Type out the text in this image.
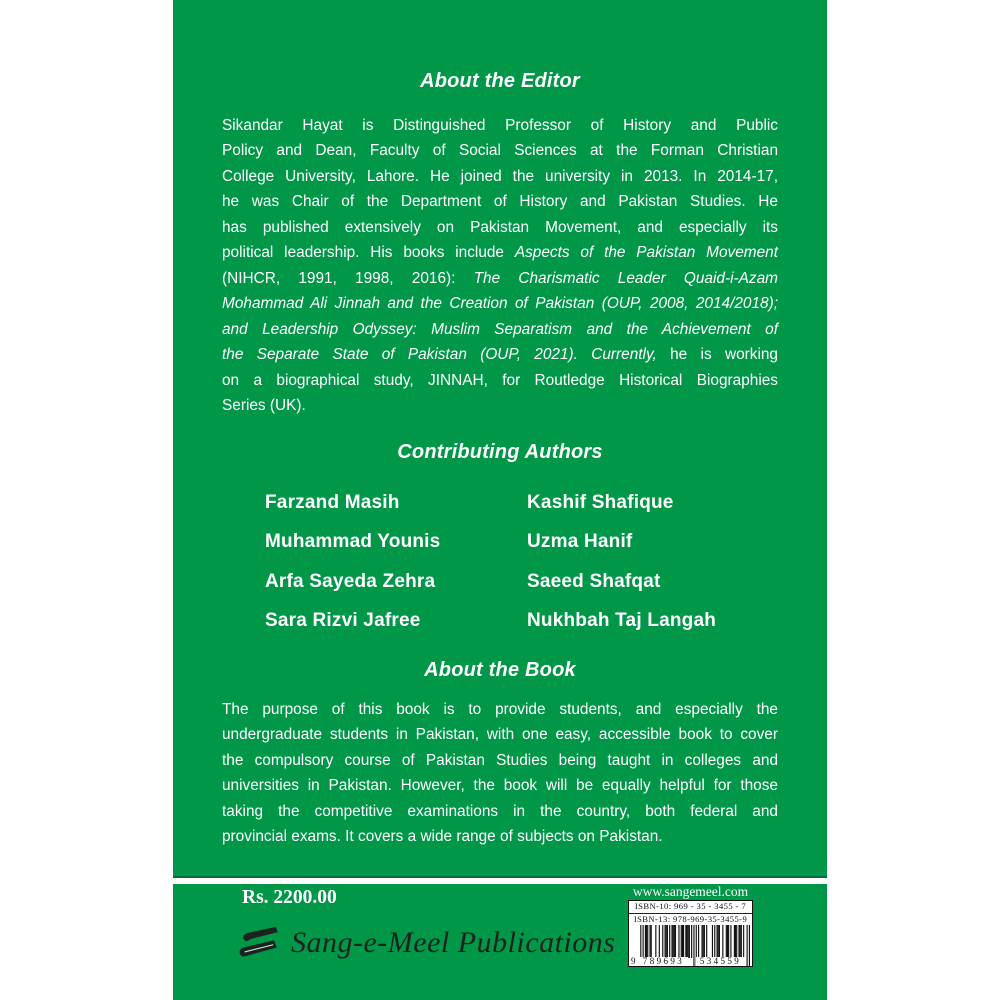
About the Editor
Sikandar Hayat is Distinguished Professor of History and Public
Policy and Dean, Faculty of Social Sciences at the Forman Christian
College University, Lahore. He joined the university in 2013. In 2014-17,
he was Chair of the Department of History and Pakistan Studies. He
has published extensively on Pakistan Movement, and especially its
political leadership. His books include Aspects of the Pakistan Movement
(NIHCR, 1991, 1998, 2016): The Charismatic Leader Quaid-i-Azam
Mohammad Ali Jinnah and the Creation of Pakistan (OUP, 2008, 2014/2018);
and Leadership Odyssey: Muslim Separatism and the Achievement of
the Separate State of Pakistan (OUP, 2021). Currently, he is working
on a biographical study, JINNAH, for Routledge Historical Biographies
Series (UK).
Contributing Authors
Farzand Masih
Muhammad Younis
Arfa Sayeda Zehra
Sara Rizvi Jafree
Kashif Shafique
Uzma Hanif
Saeed Shafqat
Nukhbah Taj Langah
About the Book
The purpose of this book is to provide students, and especially the
undergraduate students in Pakistan, with one easy, accessible book to cover
the compulsory course of Pakistan Studies being taught in colleges and
universities in Pakistan. However, the book will be equally helpful for those
taking the competitive examinations in the country, both federal and
provincial exams. It covers a wide range of subjects on Pakistan.
Rs. 2200.00	www.sangemeel.com
ISBN-10: 969 - 35 - 3455 - 7
ISBN-13: 978-969-35-3455-9
9 789693	534559
Sang-e-Meel Publications
